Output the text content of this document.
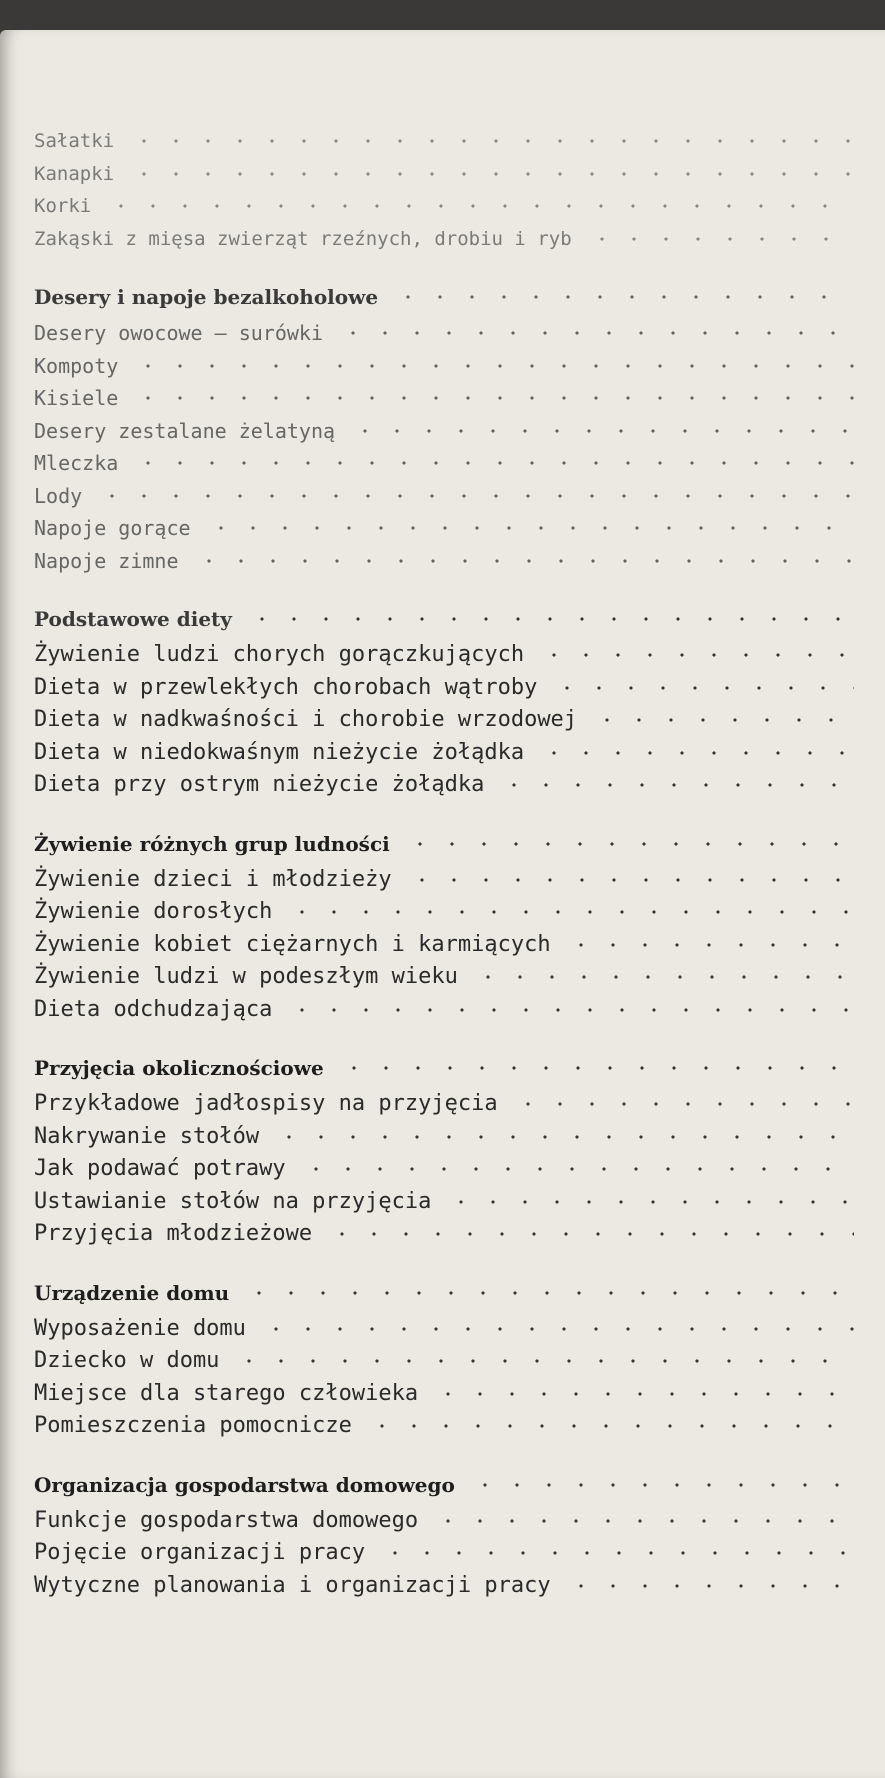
Sałatki
Kanapki
Korki
Zakąski z mięsa zwierząt rzeźnych, drobiu i ryb
Desery i napoje bezalkoholowe
Desery owocowe — surówki
Kompoty
Kisiele
Desery zestalane żelatyną
Mleczka
Lody
Napoje gorące
Napoje zimne
Podstawowe diety
Żywienie ludzi chorych gorączkujących
Dieta w przewlekłych chorobach wątroby
Dieta w nadkwaśności i chorobie wrzodowej
Dieta w niedokwaśnym nieżycie żołądka
Dieta przy ostrym nieżycie żołądka
Żywienie różnych grup ludności
Żywienie dzieci i młodzieży
Żywienie dorosłych
Żywienie kobiet ciężarnych i karmiących
Żywienie ludzi w podeszłym wieku
Dieta odchudzająca
Przyjęcia okolicznościowe
Przykładowe jadłospisy na przyjęcia
Nakrywanie stołów
Jak podawać potrawy
Ustawianie stołów na przyjęcia
Przyjęcia młodzieżowe
Urządzenie domu
Wyposażenie domu
Dziecko w domu
Miejsce dla starego człowieka
Pomieszczenia pomocnicze
Organizacja gospodarstwa domowego
Funkcje gospodarstwa domowego
Pojęcie organizacji pracy
Wytyczne planowania i organizacji pracy
